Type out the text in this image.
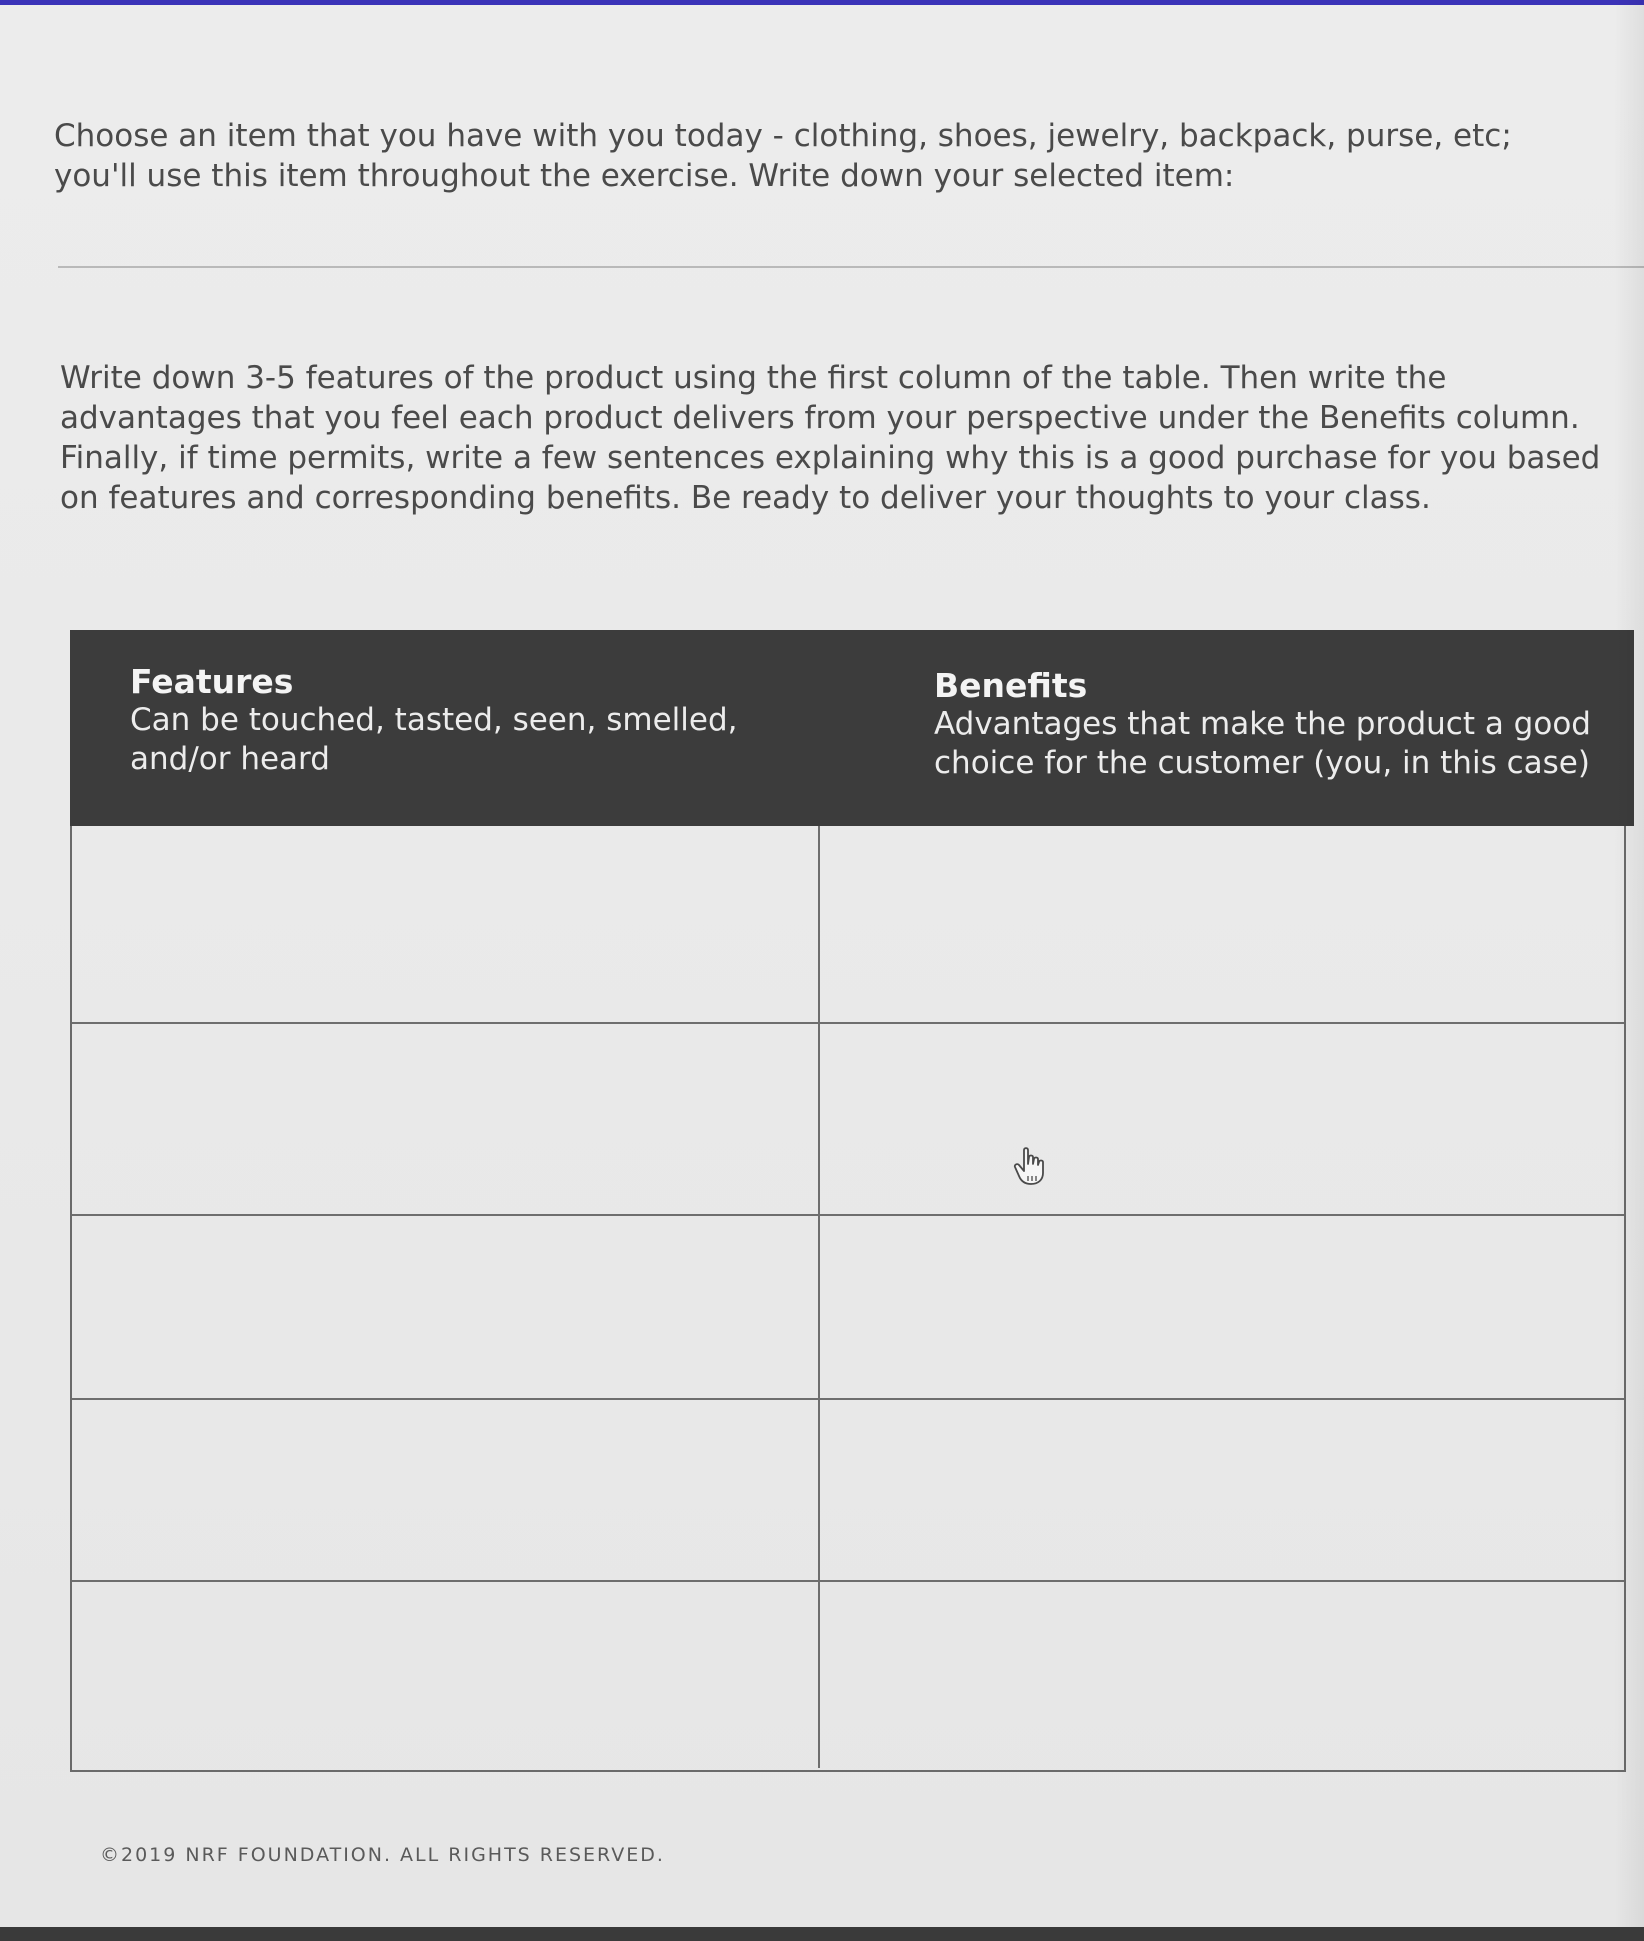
Choose an item that you have with you today - clothing, shoes, jewelry, backpack, purse, etc; you'll use this item throughout the exercise. Write down your selected item:

Write down 3-5 features of the product using the first column of the table. Then write the advantages that you feel each product delivers from your perspective under the Benefits column. Finally, if time permits, write a few sentences explaining why this is a good purchase for you based on features and corresponding benefits. Be ready to deliver your thoughts to your class.

Features
Can be touched, tasted, seen, smelled, and/or heard
Benefits
Advantages that make the product a good choice for the customer (you, in this case)
©2019 NRF FOUNDATION. ALL RIGHTS RESERVED.
